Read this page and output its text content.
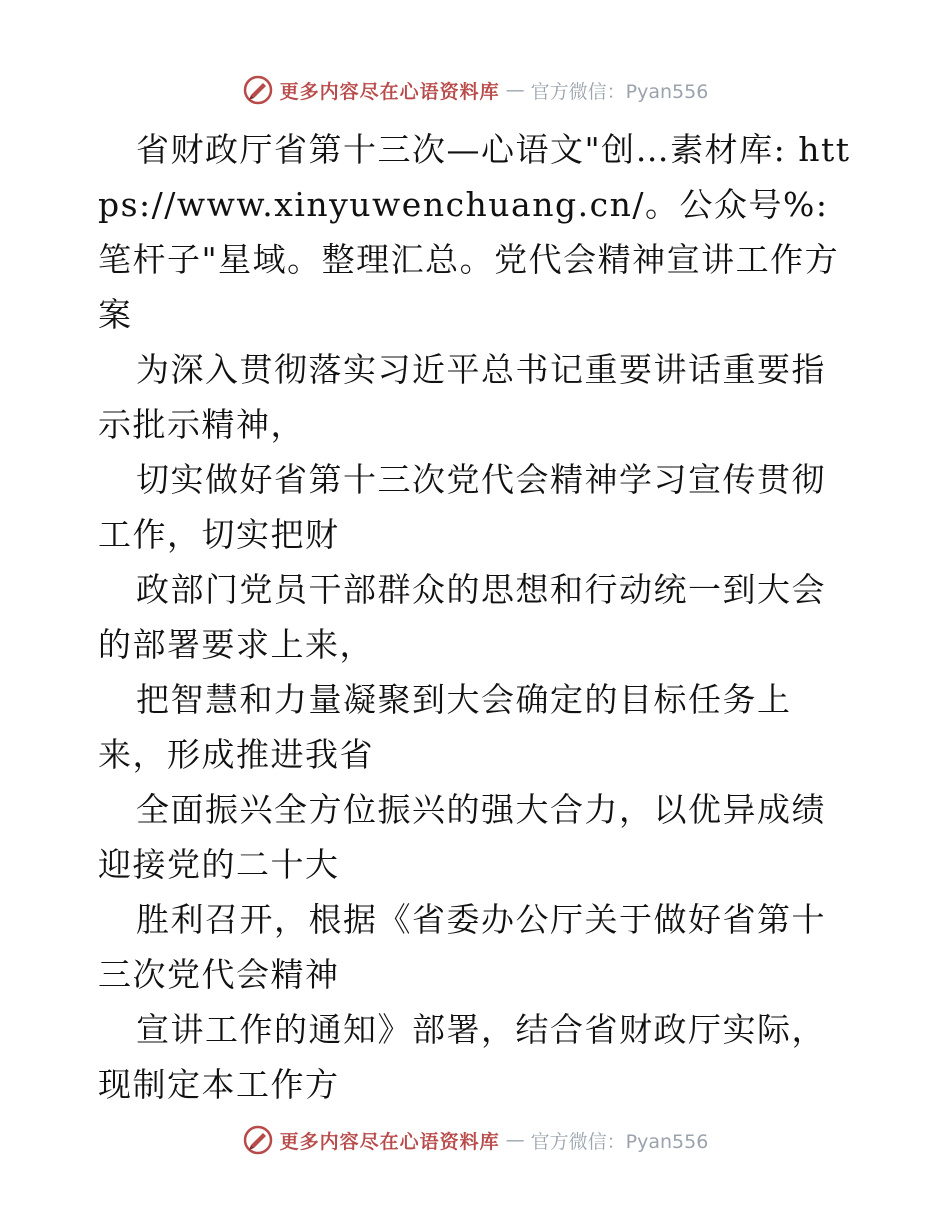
更多内容尽在心语资料库 — 官方微信：Pyan556

省财政厅省第十三次—心语文"创…素材库: https://www.xinyuwenchuang.cn/。公众号%: 笔杆子"星域。整理汇总。党代会精神宣讲工作方案

为深入贯彻落实习近平总书记重要讲话重要指示批示精神，

切实做好省第十三次党代会精神学习宣传贯彻工作，切实把财

政部门党员干部群众的思想和行动统一到大会的部署要求上来，

把智慧和力量凝聚到大会确定的目标任务上来，形成推进我省

全面振兴全方位振兴的强大合力，以优异成绩迎接党的二十大

胜利召开，根据《省委办公厅关于做好省第十三次党代会精神

宣讲工作的通知》部署，结合省财政厅实际，现制定本工作方

更多内容尽在心语资料库 — 官方微信：Pyan556
